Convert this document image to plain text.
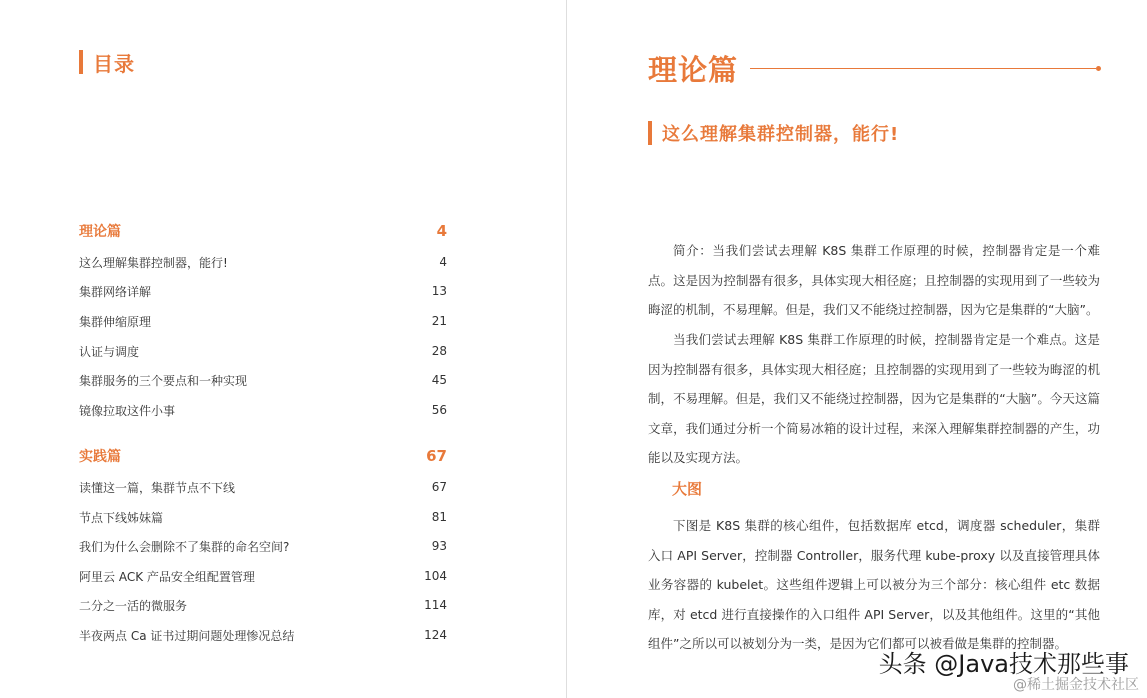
目录
理论篇	4
这么理解集群控制器，能行!	4
集群网络详解	13
集群伸缩原理	21
认证与调度	28
集群服务的三个要点和一种实现	45
镜像拉取这件小事	56
实践篇	67
读懂这一篇，集群节点不下线	67
节点下线姊妹篇	81
我们为什么会删除不了集群的命名空间?	93
阿里云 ACK 产品安全组配置管理	104
二分之一活的微服务	114
半夜两点 Ca 证书过期问题处理惨况总结	124
理论篇
这么理解集群控制器，能行!

简介：当我们尝试去理解 K8S 集群工作原理的时候，控制器肯定是一个难点。这是因为控制器有很多，具体实现大相径庭；且控制器的实现用到了一些较为晦涩的机制，不易理解。但是，我们又不能绕过控制器，因为它是集群的“大脑”。

当我们尝试去理解 K8S 集群工作原理的时候，控制器肯定是一个难点。这是因为控制器有很多，具体实现大相径庭；且控制器的实现用到了一些较为晦涩的机制，不易理解。但是，我们又不能绕过控制器，因为它是集群的“大脑”。今天这篇文章，我们通过分析一个简易冰箱的设计过程，来深入理解集群控制器的产生，功能以及实现方法。

大图

下图是 K8S 集群的核心组件，包括数据库 etcd，调度器 scheduler，集群入口 API Server，控制器 Controller，服务代理 kube-proxy 以及直接管理具体业务容器的 kubelet。这些组件逻辑上可以被分为三个部分：核心组件 etc 数据库，对 etcd 进行直接操作的入口组件 API Server，以及其他组件。这里的“其他组件”之所以可以被划分为一类，是因为它们都可以被看做是集群的控制器。

头条 @Java技术那些事
@稀土掘金技术社区
